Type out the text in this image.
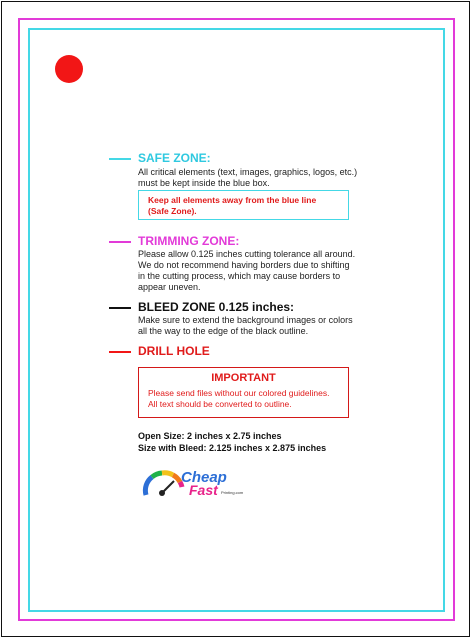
SAFE ZONE:
All critical elements (text, images, graphics, logos, etc.)
must be kept inside the blue box.
Keep all elements away from the blue line
(Safe Zone).
TRIMMING ZONE:
Please allow 0.125 inches cutting tolerance all around.
We do not recommend having borders due to shifting
in the cutting process, which may cause borders to
appear uneven.
BLEED ZONE 0.125 inches:
Make sure to extend the background images or colors
all the way to the edge of the black outline.
DRILL HOLE
IMPORTANT
Please send files without our colored guidelines.
All text should be converted to outline.
Open Size: 2 inches x 2.75 inches
Size with Bleed: 2.125 inches x 2.875 inches
Cheap
Fast Printing.com
